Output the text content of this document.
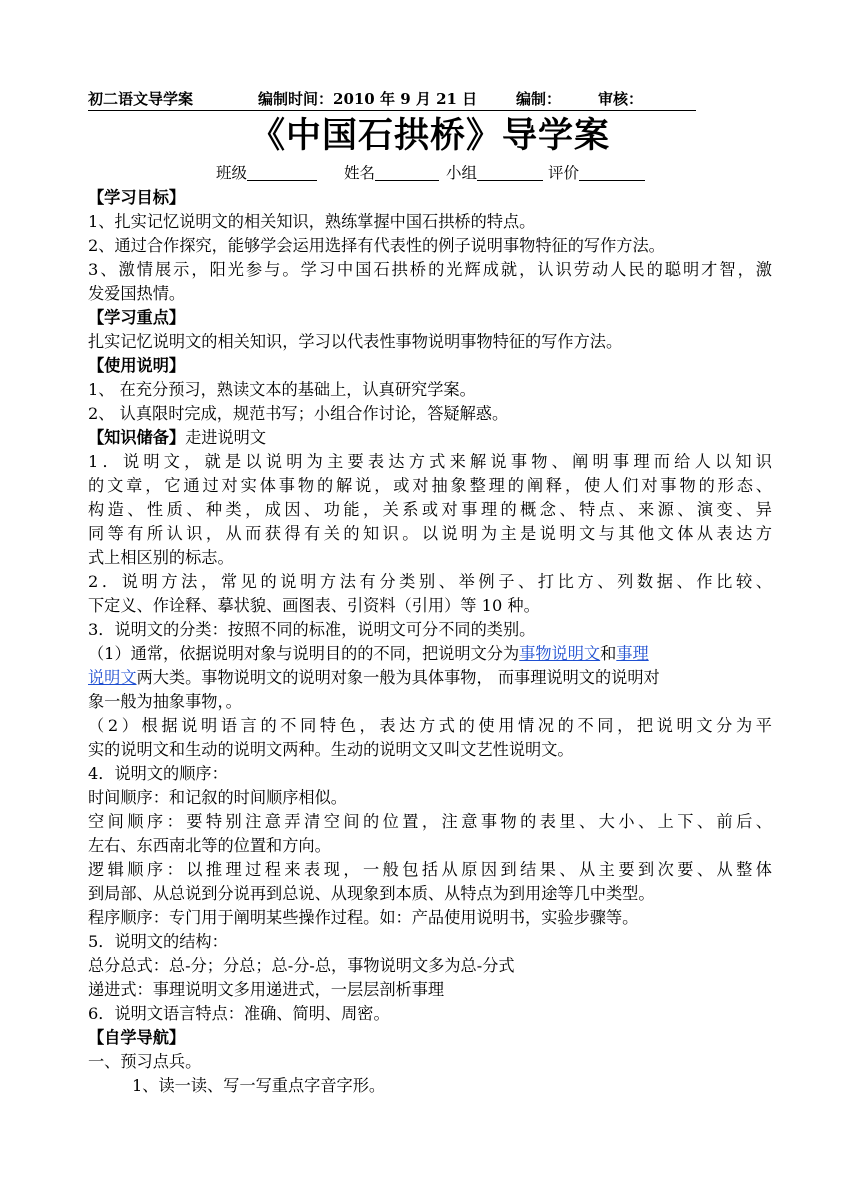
初二语文导学案	编制时间：2010 年 9 月 21 日	编制： 审核：
《中国石拱桥》导学案
班级	姓名	小组	评价
【学习目标】
1、扎实记忆说明文的相关知识，熟练掌握中国石拱桥的特点。
2、通过合作探究，能够学会运用选择有代表性的例子说明事物特征的写作方法。
3、激情展示，阳光参与。学习中国石拱桥的光辉成就，认识劳动人民的聪明才智，激
发爱国热情。
【学习重点】
扎实记忆说明文的相关知识，学习以代表性事物说明事物特征的写作方法。
【使用说明】
1、 在充分预习，熟读文本的基础上，认真研究学案。
2、 认真限时完成，规范书写；小组合作讨论，答疑解惑。
【知识储备】走进说明文
1．说明文，就是以说明为主要表达方式来解说事物、阐明事理而给人以知识
的文章，它通过对实体事物的解说，或对抽象整理的阐释，使人们对事物的形态、
构造、性质、种类，成因、功能，关系或对事理的概念、特点、来源、演变、异
同等有所认识，从而获得有关的知识。以说明为主是说明文与其他文体从表达方
式上相区别的标志。
2．说明方法，常见的说明方法有分类别、举例子、打比方、列数据、作比较、
下定义、作诠释、摹状貌、画图表、引资料（引用）等 10 种。
3．说明文的分类：按照不同的标准，说明文可分不同的类别。
（1）通常，依据说明对象与说明目的的不同，把说明文分为事物说明文和事理
说明文两大类。事物说明文的说明对象一般为具体事物， 而事理说明文的说明对
象一般为抽象事物，。
（2）根据说明语言的不同特色，表达方式的使用情况的不同，把说明文分为平
实的说明文和生动的说明文两种。生动的说明文又叫文艺性说明文。
4．说明文的顺序：
时间顺序：和记叙的时间顺序相似。
空间顺序：要特别注意弄清空间的位置，注意事物的表里、大小、上下、前后、
左右、东西南北等的位置和方向。
逻辑顺序：以推理过程来表现，一般包括从原因到结果、从主要到次要、从整体
到局部、从总说到分说再到总说、从现象到本质、从特点为到用途等几中类型。
程序顺序：专门用于阐明某些操作过程。如：产品使用说明书，实验步骤等。
5．说明文的结构：
总分总式：总-分；分总；总-分-总，事物说明文多为总-分式
递进式：事理说明文多用递进式，一层层剖析事理
6．说明文语言特点：准确、简明、周密。
【自学导航】
一、预习点兵。
1、读一读、写一写重点字音字形。
